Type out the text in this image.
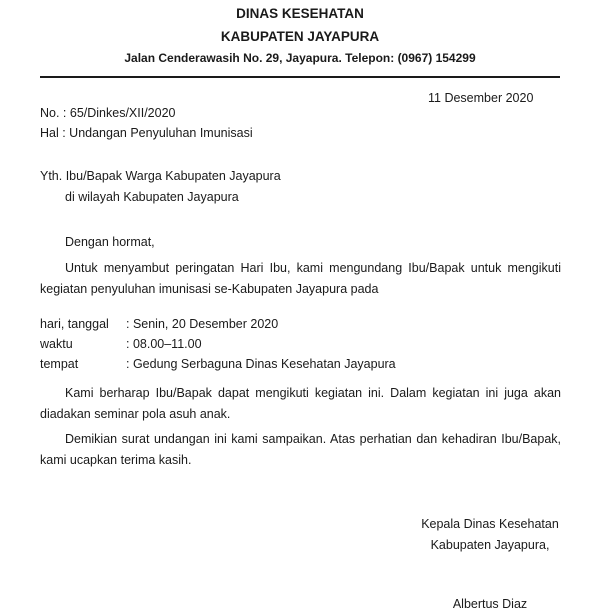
DINAS KESEHATAN
KABUPATEN JAYAPURA
Jalan Cenderawasih No. 29, Jayapura. Telepon: (0967) 154299
11 Desember 2020
No. : 65/Dinkes/XII/2020
Hal : Undangan Penyuluhan Imunisasi
Yth. Ibu/Bapak Warga Kabupaten Jayapura
di wilayah Kabupaten Jayapura
Dengan hormat,
Untuk menyambut peringatan Hari Ibu, kami mengundang Ibu/Bapak untuk mengikuti
kegiatan penyuluhan imunisasi se-Kabupaten Jayapura pada
hari, tanggal	: Senin, 20 Desember 2020
waktu	: 08.00–11.00
tempat	: Gedung Serbaguna Dinas Kesehatan Jayapura
Kami berharap Ibu/Bapak dapat mengikuti kegiatan ini. Dalam kegiatan ini juga akan
diadakan seminar pola asuh anak.
Demikian surat undangan ini kami sampaikan. Atas perhatian dan kehadiran Ibu/Bapak,
kami ucapkan terima kasih.
Kepala Dinas Kesehatan
Kabupaten Jayapura,
Albertus Diaz
